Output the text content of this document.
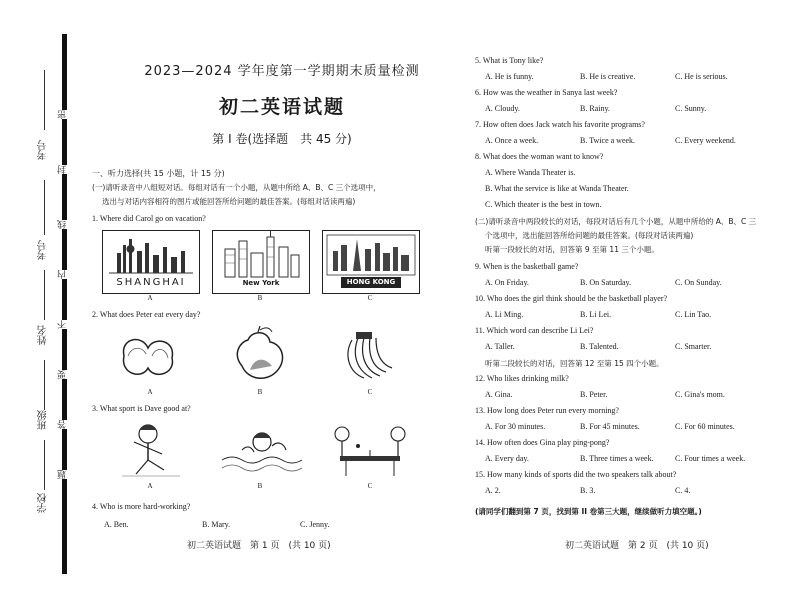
考号
考号
姓名
班级
学校
密
封
线
内
不
要
答
题
2023—2024 学年度第一学期期末质量检测
初二英语试题
第 I 卷(选择题　共 45 分)
一、听力选择(共 15 小题，计 15 分)
(一)请听录音中八组短对话。每组对话有一个小题，从题中所给 A、B、C 三个选项中，
选出与对话内容相符的图片或能回答所给问题的最佳答案。(每组对话读两遍)
1. Where did Carol go on vacation?
SHANGHAI	New York	HONG KONG
A	B	C
2. What does Peter eat every day?
A	B	C
3. What sport is Dave good at?
A	B	C
4. Who is more hard-working?
A. Ben.	B. Mary.	C. Jenny.
初二英语试题　第 1 页　(共 10 页)
5. What is Tony like?
A. He is funny.	B. He is creative.	C. He is serious.
6. How was the weather in Sanya last week?
A. Cloudy.	B. Rainy.	C. Sunny.
7. How often does Jack watch his favorite programs?
A. Once a week.	B. Twice a week.	C. Every weekend.
8. What does the woman want to know?
A. Where Wanda Theater is.
B. What the service is like at Wanda Theater.
C. Which theater is the best in town.
(二)请听录音中两段较长的对话，每段对话后有几个小题，从题中所给的 A、B、C 三
个选项中，选出能回答所给问题的最佳答案。(每段对话读两遍)
听第一段较长的对话，回答第 9 至第 11 三个小题。
9. When is the basketball game?
A. On Friday.	B. On Saturday.	C. On Sunday.
10. Who does the girl think should be the basketball player?
A. Li Ming.	B. Li Lei.	C. Lin Tao.
11. Which word can describe Li Lei?
A. Taller.	B. Talented.	C. Smarter.
听第二段较长的对话，回答第 12 至第 15 四个小题。
12. Who likes drinking milk?
A. Gina.	B. Peter.	C. Gina's mom.
13. How long does Peter run every morning?
A. For 30 minutes.	B. For 45 minutes.	C. For 60 minutes.
14. How often does Gina play ping-pong?
A. Every day.	B. Three times a week.	C. Four times a week.
15. How many kinds of sports did the two speakers talk about?
A. 2.	B. 3.	C. 4.
(请同学们翻到第 7 页，找到第 II 卷第三大题，继续做听力填空题。)
初二英语试题　第 2 页　(共 10 页)
